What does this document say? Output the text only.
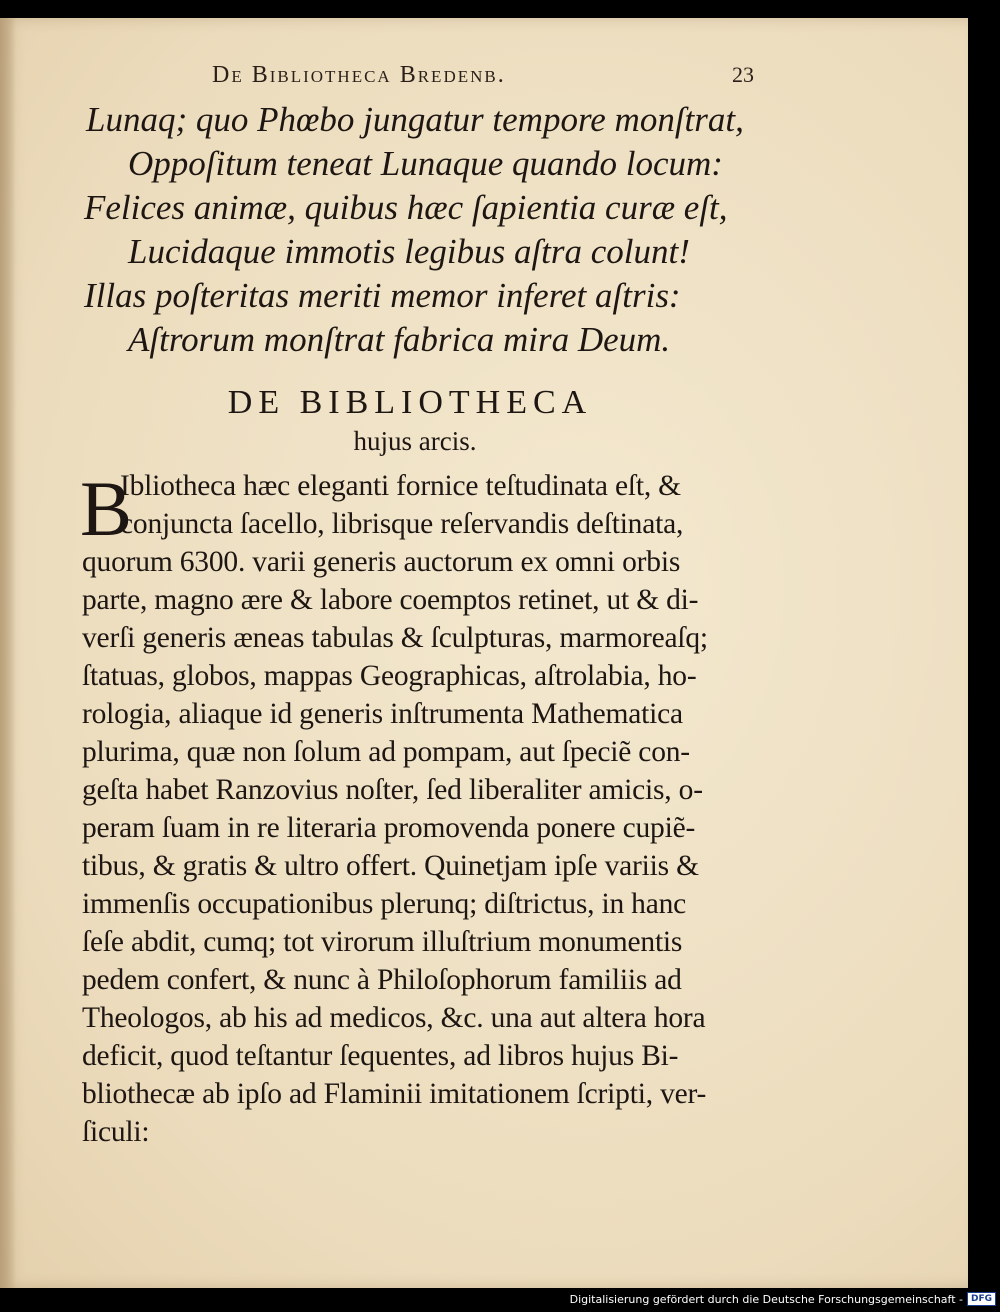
De Bibliotheca Bredenb.	23
Lunaq; quo Phœbo jungatur tempore monſtrat,
Oppoſitum teneat Lunaque quando locum:
Felices animæ, quibus hæc ſapientia curæ eſt,
Lucidaque immotis legibus aſtra colunt!
Illas poſteritas meriti memor inferet aſtris:
Aſtrorum monſtrat fabrica mira Deum.
DE BIBLIOTHECA
hujus arcis.
B
Ibliotheca hæc eleganti fornice teſtudinata eſt, &
conjuncta ſacello, librisque reſervandis deſtinata,
quorum 6300. varii generis auctorum ex omni orbis
parte, magno ære & labore coemptos retinet, ut & di-
verſi generis æneas tabulas & ſculpturas, marmoreaſq;
ſtatuas, globos, mappas Geographicas, aſtrolabia, ho-
rologia, aliaque id generis inſtrumenta Mathematica
plurima, quæ non ſolum ad pompam, aut ſpeciẽ con-
geſta habet Ranzovius noſter, ſed liberaliter amicis, o-
peram ſuam in re literaria promovenda ponere cupiẽ-
tibus, & gratis & ultro offert. Quinetjam ipſe variis &
immenſis occupationibus plerunq; diſtrictus, in hanc
ſeſe abdit, cumq; tot virorum illuſtrium monumentis
pedem confert, & nunc à Philoſophorum familiis ad
Theologos, ab his ad medicos, &c. una aut altera hora
deficit, quod teſtantur ſequentes, ad libros hujus Bi-
bliothecæ ab ipſo ad Flaminii imitationem ſcripti, ver-
ſiculi:
Digitalisierung gefördert durch die Deutsche Forschungsgemeinschaft - DFG
